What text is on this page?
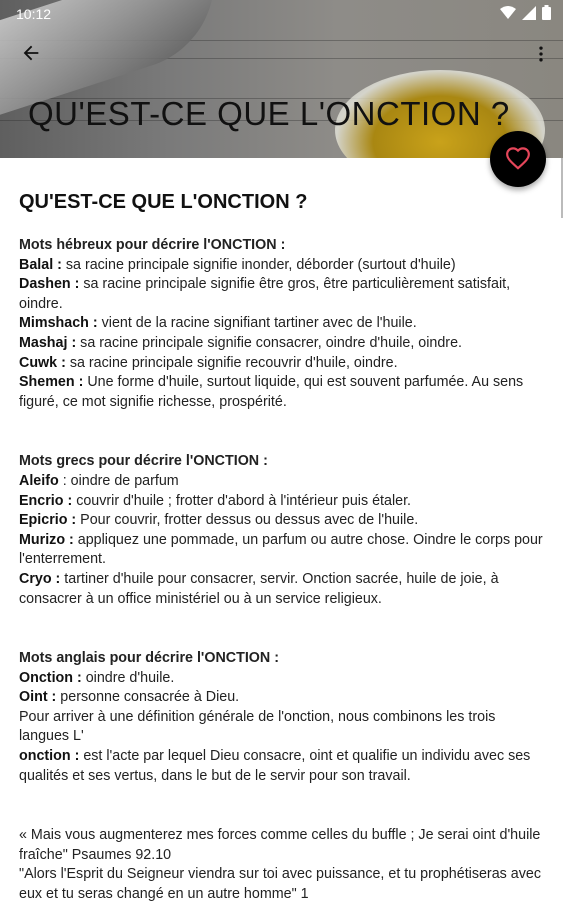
10:12
QU'EST-CE QUE L'ONCTION ?
QU'EST-CE QUE L'ONCTION ?

Mots hébreux pour décrire l'ONCTION :

Balal : sa racine principale signifie inonder, déborder (surtout d'huile)

Dashen : sa racine principale signifie être gros, être particulièrement satisfait, oindre.

Mimshach : vient de la racine signifiant tartiner avec de l'huile.

Mashaj : sa racine principale signifie consacrer, oindre d'huile, oindre.

Cuwk : sa racine principale signifie recouvrir d'huile, oindre.

Shemen : Une forme d'huile, surtout liquide, qui est souvent parfumée. Au sens figuré, ce mot signifie richesse, prospérité.

Mots grecs pour décrire l'ONCTION :

Aleifo : oindre de parfum

Encrio : couvrir d'huile ; frotter d'abord à l'intérieur puis étaler.

Epicrio : Pour couvrir, frotter dessus ou dessus avec de l'huile.

Murizo : appliquez une pommade, un parfum ou autre chose. Oindre le corps pour l'enterrement.

Cryo : tartiner d'huile pour consacrer, servir. Onction sacrée, huile de joie, à consacrer à un office ministériel ou à un service religieux.

Mots anglais pour décrire l'ONCTION :

Onction : oindre d'huile.

Oint : personne consacrée à Dieu.

Pour arriver à une définition générale de l'onction, nous combinons les trois langues L'

onction : est l'acte par lequel Dieu consacre, oint et qualifie un individu avec ses qualités et ses vertus, dans le but de le servir pour son travail.

« Mais vous augmenterez mes forces comme celles du buffle ; Je serai oint d'huile fraîche" Psaumes 92.10

"Alors l'Esprit du Seigneur viendra sur toi avec puissance, et tu prophétiseras avec eux et tu seras changé en un autre homme" 1
